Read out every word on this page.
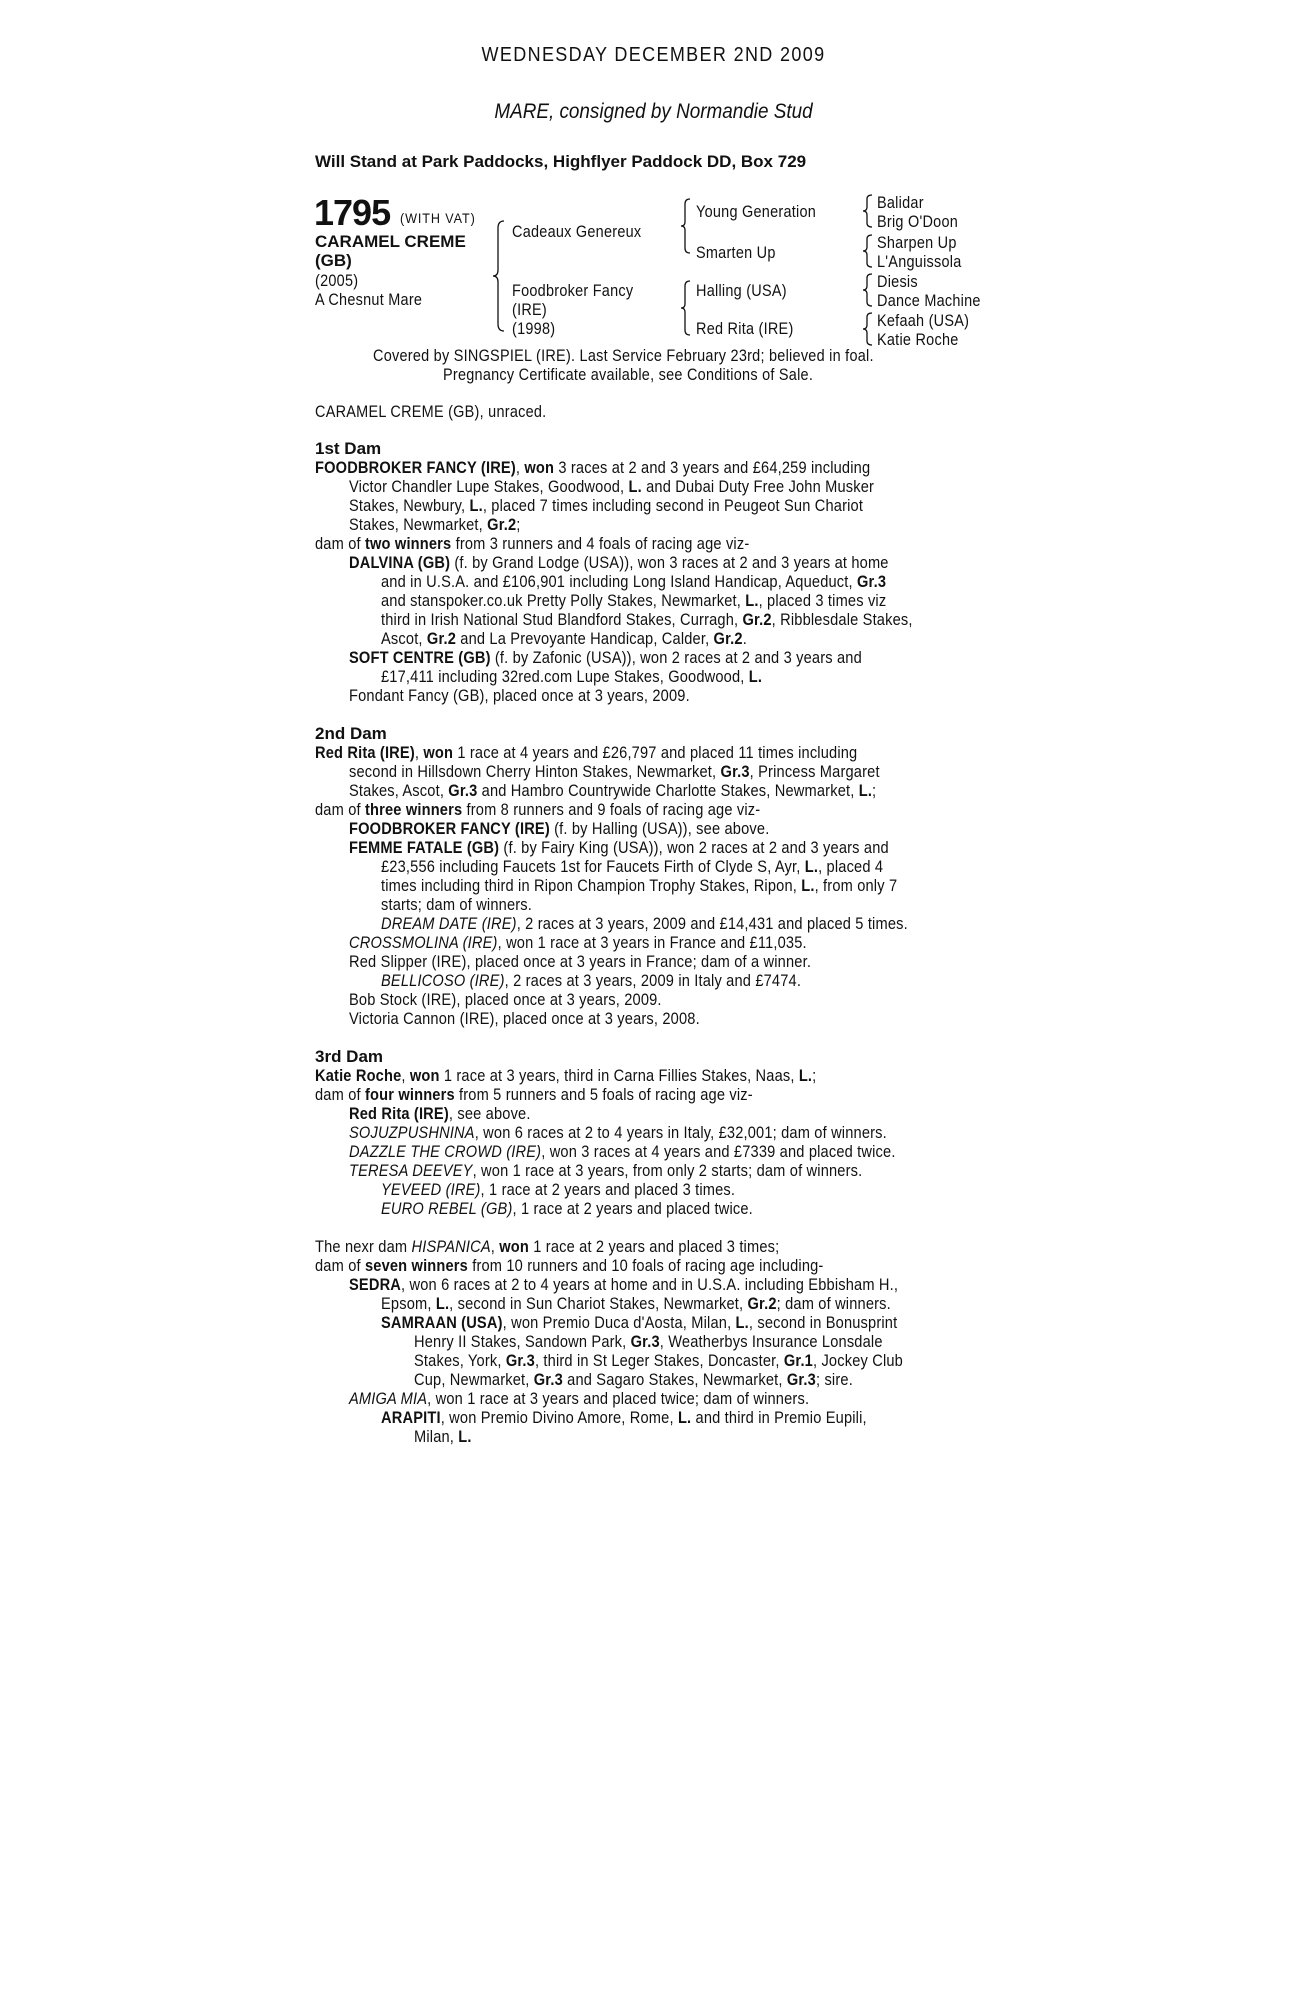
WEDNESDAY DECEMBER 2ND 2009
MARE, consigned by Normandie Stud
Will Stand at Park Paddocks, Highflyer Paddock DD, Box 729
1795 (WITH VAT)
CARAMEL CREME
(GB)
(2005)
A Chesnut Mare
Cadeaux Genereux
Foodbroker Fancy
(IRE)
(1998)
Young Generation
Smarten Up
Halling (USA)
Red Rita (IRE)
Balidar
Brig O'Doon
Sharpen Up
L'Anguissola
Diesis
Dance Machine
Kefaah (USA)
Katie Roche
Covered by SINGSPIEL (IRE). Last Service February 23rd; believed in foal.
Pregnancy Certificate available, see Conditions of Sale.
CARAMEL CREME (GB), unraced.
1st Dam
FOODBROKER FANCY (IRE), won 3 races at 2 and 3 years and £64,259 including
Victor Chandler Lupe Stakes, Goodwood, L. and Dubai Duty Free John Musker
Stakes, Newbury, L., placed 7 times including second in Peugeot Sun Chariot
Stakes, Newmarket, Gr.2;
dam of two winners from 3 runners and 4 foals of racing age viz-
DALVINA (GB) (f. by Grand Lodge (USA)), won 3 races at 2 and 3 years at home
and in U.S.A. and £106,901 including Long Island Handicap, Aqueduct, Gr.3
and stanspoker.co.uk Pretty Polly Stakes, Newmarket, L., placed 3 times viz
third in Irish National Stud Blandford Stakes, Curragh, Gr.2, Ribblesdale Stakes,
Ascot, Gr.2 and La Prevoyante Handicap, Calder, Gr.2.
SOFT CENTRE (GB) (f. by Zafonic (USA)), won 2 races at 2 and 3 years and
£17,411 including 32red.com Lupe Stakes, Goodwood, L.
Fondant Fancy (GB), placed once at 3 years, 2009.
2nd Dam
Red Rita (IRE), won 1 race at 4 years and £26,797 and placed 11 times including
second in Hillsdown Cherry Hinton Stakes, Newmarket, Gr.3, Princess Margaret
Stakes, Ascot, Gr.3 and Hambro Countrywide Charlotte Stakes, Newmarket, L.;
dam of three winners from 8 runners and 9 foals of racing age viz-
FOODBROKER FANCY (IRE) (f. by Halling (USA)), see above.
FEMME FATALE (GB) (f. by Fairy King (USA)), won 2 races at 2 and 3 years and
£23,556 including Faucets 1st for Faucets Firth of Clyde S, Ayr, L., placed 4
times including third in Ripon Champion Trophy Stakes, Ripon, L., from only 7
starts; dam of winners.
DREAM DATE (IRE), 2 races at 3 years, 2009 and £14,431 and placed 5 times.
CROSSMOLINA (IRE), won 1 race at 3 years in France and £11,035.
Red Slipper (IRE), placed once at 3 years in France; dam of a winner.
BELLICOSO (IRE), 2 races at 3 years, 2009 in Italy and £7474.
Bob Stock (IRE), placed once at 3 years, 2009.
Victoria Cannon (IRE), placed once at 3 years, 2008.
3rd Dam
Katie Roche, won 1 race at 3 years, third in Carna Fillies Stakes, Naas, L.;
dam of four winners from 5 runners and 5 foals of racing age viz-
Red Rita (IRE), see above.
SOJUZPUSHNINA, won 6 races at 2 to 4 years in Italy, £32,001; dam of winners.
DAZZLE THE CROWD (IRE), won 3 races at 4 years and £7339 and placed twice.
TERESA DEEVEY, won 1 race at 3 years, from only 2 starts; dam of winners.
YEVEED (IRE), 1 race at 2 years and placed 3 times.
EURO REBEL (GB), 1 race at 2 years and placed twice.
The nexr dam HISPANICA, won 1 race at 2 years and placed 3 times;
dam of seven winners from 10 runners and 10 foals of racing age including-
SEDRA, won 6 races at 2 to 4 years at home and in U.S.A. including Ebbisham H.,
Epsom, L., second in Sun Chariot Stakes, Newmarket, Gr.2; dam of winners.
SAMRAAN (USA), won Premio Duca d'Aosta, Milan, L., second in Bonusprint
Henry II Stakes, Sandown Park, Gr.3, Weatherbys Insurance Lonsdale
Stakes, York, Gr.3, third in St Leger Stakes, Doncaster, Gr.1, Jockey Club
Cup, Newmarket, Gr.3 and Sagaro Stakes, Newmarket, Gr.3; sire.
AMIGA MIA, won 1 race at 3 years and placed twice; dam of winners.
ARAPITI, won Premio Divino Amore, Rome, L. and third in Premio Eupili,
Milan, L.
